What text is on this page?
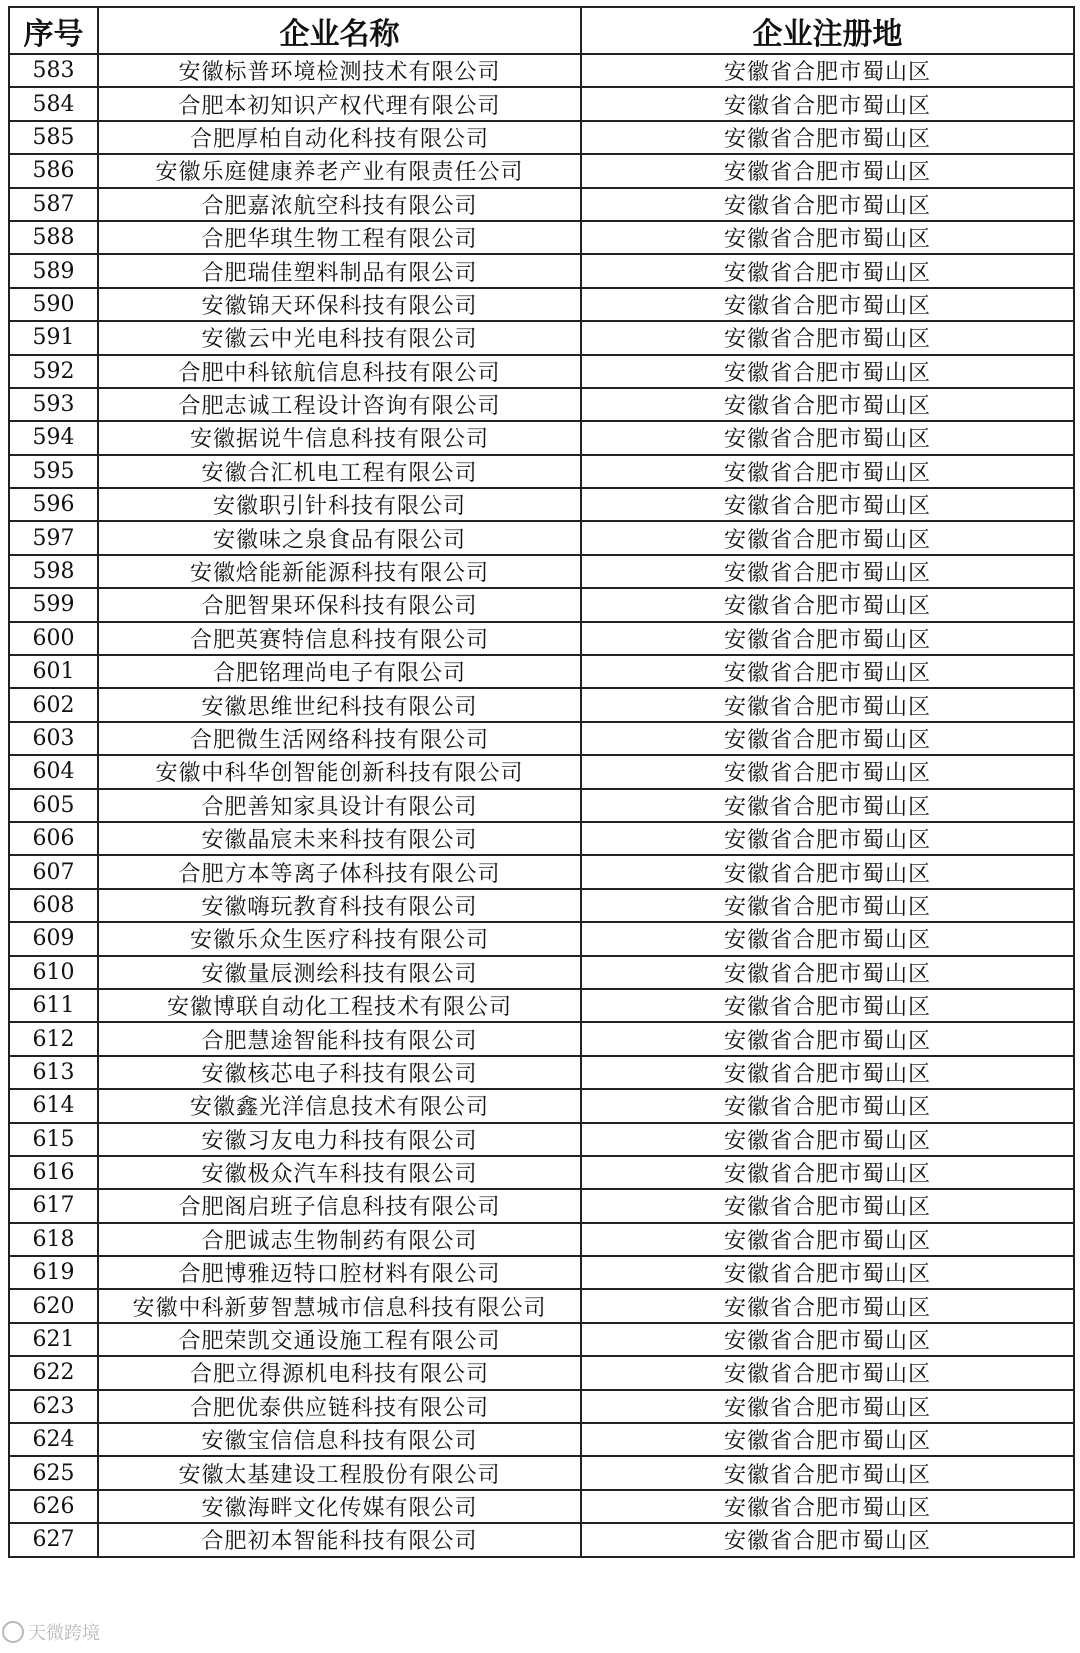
序号	企业名称	企业注册地
583	安徽标普环境检测技术有限公司	安徽省合肥市蜀山区
584	合肥本初知识产权代理有限公司	安徽省合肥市蜀山区
585	合肥厚柏自动化科技有限公司	安徽省合肥市蜀山区
586	安徽乐庭健康养老产业有限责任公司	安徽省合肥市蜀山区
587	合肥嘉浓航空科技有限公司	安徽省合肥市蜀山区
588	合肥华琪生物工程有限公司	安徽省合肥市蜀山区
589	合肥瑞佳塑料制品有限公司	安徽省合肥市蜀山区
590	安徽锦天环保科技有限公司	安徽省合肥市蜀山区
591	安徽云中光电科技有限公司	安徽省合肥市蜀山区
592	合肥中科铱航信息科技有限公司	安徽省合肥市蜀山区
593	合肥志诚工程设计咨询有限公司	安徽省合肥市蜀山区
594	安徽据说牛信息科技有限公司	安徽省合肥市蜀山区
595	安徽合汇机电工程有限公司	安徽省合肥市蜀山区
596	安徽职引针科技有限公司	安徽省合肥市蜀山区
597	安徽味之泉食品有限公司	安徽省合肥市蜀山区
598	安徽焓能新能源科技有限公司	安徽省合肥市蜀山区
599	合肥智果环保科技有限公司	安徽省合肥市蜀山区
600	合肥英赛特信息科技有限公司	安徽省合肥市蜀山区
601	合肥铭理尚电子有限公司	安徽省合肥市蜀山区
602	安徽思维世纪科技有限公司	安徽省合肥市蜀山区
603	合肥微生活网络科技有限公司	安徽省合肥市蜀山区
604	安徽中科华创智能创新科技有限公司	安徽省合肥市蜀山区
605	合肥善知家具设计有限公司	安徽省合肥市蜀山区
606	安徽晶宸未来科技有限公司	安徽省合肥市蜀山区
607	合肥方本等离子体科技有限公司	安徽省合肥市蜀山区
608	安徽嗨玩教育科技有限公司	安徽省合肥市蜀山区
609	安徽乐众生医疗科技有限公司	安徽省合肥市蜀山区
610	安徽量辰测绘科技有限公司	安徽省合肥市蜀山区
611	安徽博联自动化工程技术有限公司	安徽省合肥市蜀山区
612	合肥慧途智能科技有限公司	安徽省合肥市蜀山区
613	安徽核芯电子科技有限公司	安徽省合肥市蜀山区
614	安徽鑫光洋信息技术有限公司	安徽省合肥市蜀山区
615	安徽习友电力科技有限公司	安徽省合肥市蜀山区
616	安徽极众汽车科技有限公司	安徽省合肥市蜀山区
617	合肥阁启班子信息科技有限公司	安徽省合肥市蜀山区
618	合肥诚志生物制药有限公司	安徽省合肥市蜀山区
619	合肥博雅迈特口腔材料有限公司	安徽省合肥市蜀山区
620	安徽中科新萝智慧城市信息科技有限公司	安徽省合肥市蜀山区
621	合肥荣凯交通设施工程有限公司	安徽省合肥市蜀山区
622	合肥立得源机电科技有限公司	安徽省合肥市蜀山区
623	合肥优泰供应链科技有限公司	安徽省合肥市蜀山区
624	安徽宝信信息科技有限公司	安徽省合肥市蜀山区
625	安徽太基建设工程股份有限公司	安徽省合肥市蜀山区
626	安徽海畔文化传媒有限公司	安徽省合肥市蜀山区
627	合肥初本智能科技有限公司	安徽省合肥市蜀山区
天微跨境
